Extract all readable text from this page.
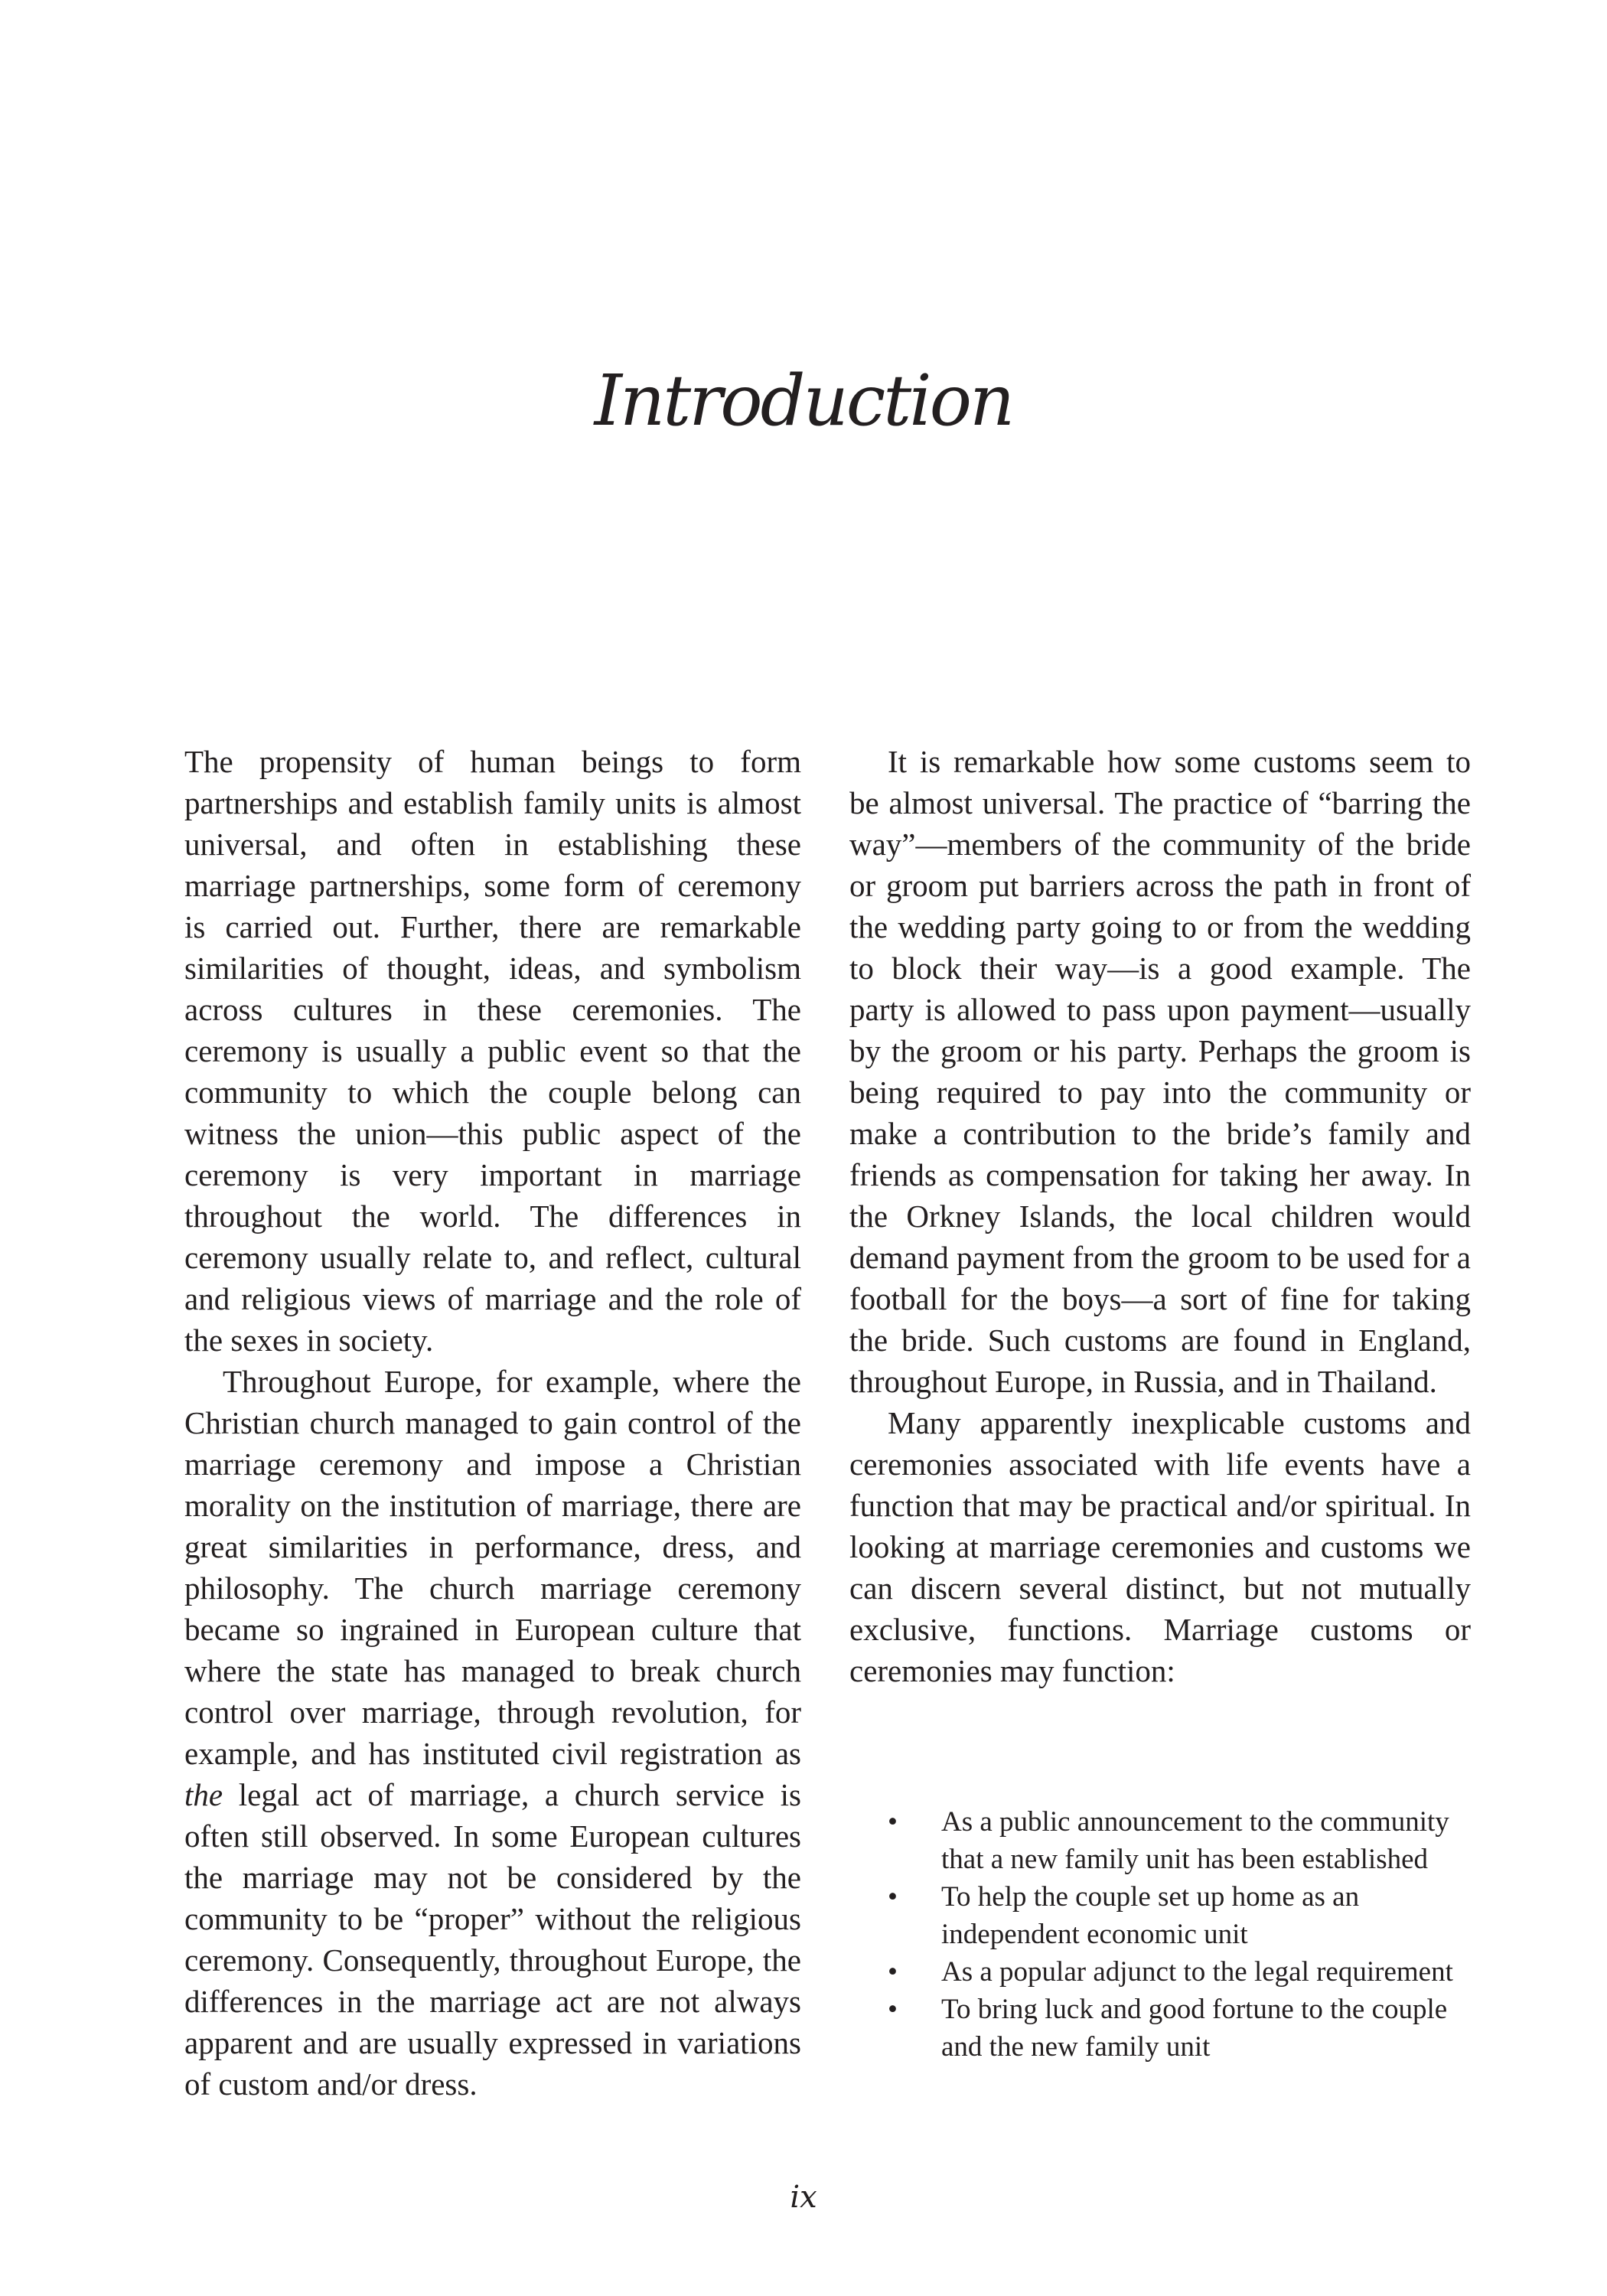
Introduction

The propensity of human beings to form partnerships and establish family units is almost universal, and often in establishing these marriage partnerships, some form of ceremony is carried out. Further, there are remarkable similarities of thought, ideas, and symbolism across cultures in these ceremonies. The ceremony is usually a public event so that the community to which the couple belong can witness the union—this public aspect of the ceremony is very important in marriage throughout the world. The differences in ceremony usually relate to, and reflect, cultural and religious views of marriage and the role of the sexes in society.

Throughout Europe, for example, where the Christian church managed to gain control of the marriage ceremony and impose a Christian morality on the institution of marriage, there are great similarities in performance, dress, and philosophy. The church marriage ceremony became so ingrained in European culture that where the state has managed to break church control over marriage, through revolution, for example, and has instituted civil registration as the legal act of marriage, a church service is often still observed. In some European cultures the marriage may not be considered by the community to be “proper” without the religious ceremony. Consequently, throughout Europe, the differences in the marriage act are not always apparent and are usually expressed in variations of custom and/or dress.

It is remarkable how some customs seem to be almost universal. The practice of “barring the way”—members of the community of the bride or groom put barriers across the path in front of the wedding party going to or from the wedding to block their way—is a good example. The party is allowed to pass upon payment—usually by the groom or his party. Perhaps the groom is being required to pay into the community or make a contribution to the bride’s family and friends as compensation for taking her away. In the Orkney Islands, the local children would demand payment from the groom to be used for a football for the boys—a sort of fine for taking the bride. Such customs are found in England, throughout Europe, in Russia, and in Thailand.

Many apparently inexplicable customs and ceremonies associated with life events have a function that may be practical and/or spiritual. In looking at marriage ceremonies and customs we can discern several distinct, but not mutually exclusive, functions. Marriage customs or ceremonies may function:

•	As a public announcement to the community that a new family unit has been established
•	To help the couple set up home as an independent economic unit
•	As a popular adjunct to the legal requirement
•	To bring luck and good fortune to the couple and the new family unit
ix
